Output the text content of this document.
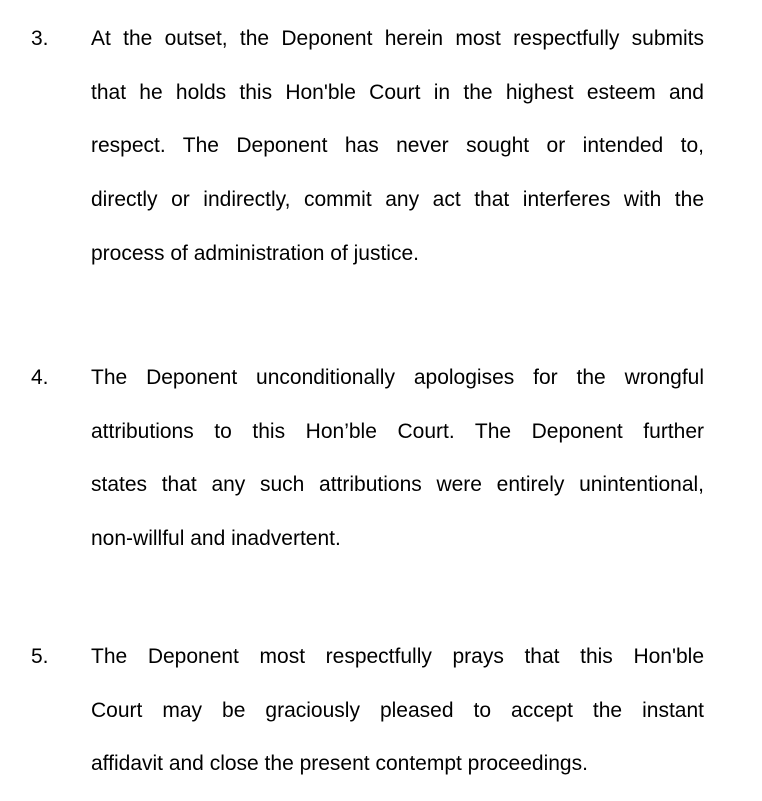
3. At the outset, the Deponent herein most respectfully submits
that he holds this Hon'ble Court in the highest esteem and
respect. The Deponent has never sought or intended to,
directly or indirectly, commit any act that interferes with the
process of administration of justice.
4. The Deponent unconditionally apologises for the wrongful
attributions to this Hon’ble Court. The Deponent further
states that any such attributions were entirely unintentional,
non-willful and inadvertent.
5. The Deponent most respectfully prays that this Hon'ble
Court may be graciously pleased to accept the instant
affidavit and close the present contempt proceedings.
